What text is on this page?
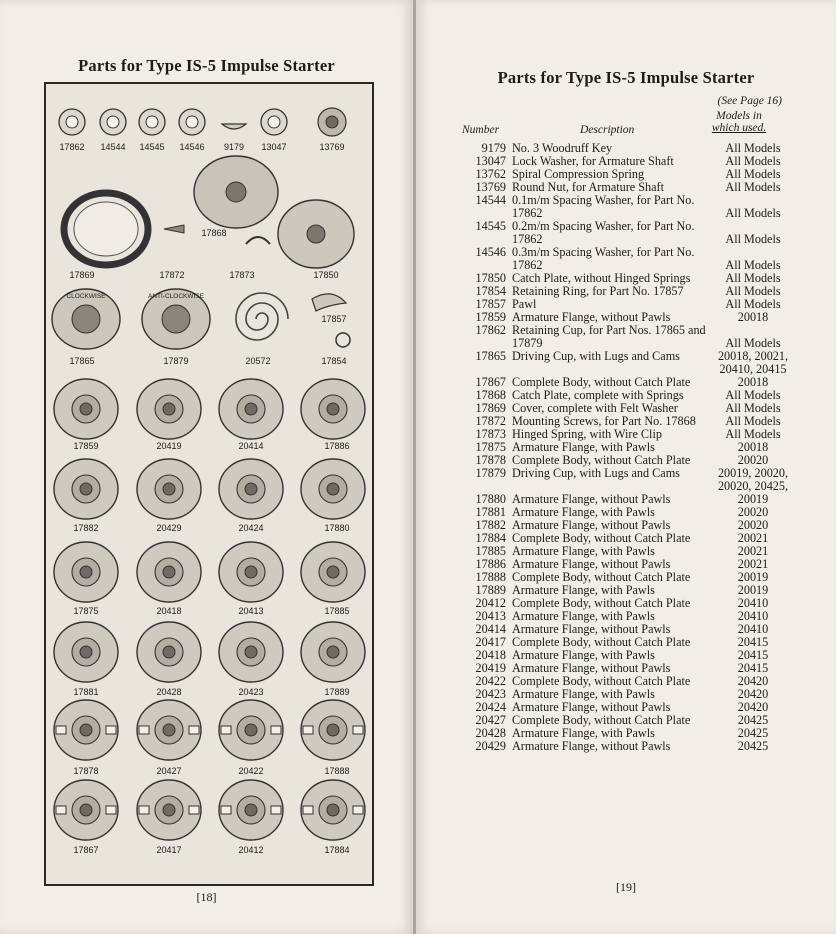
Parts for Type IS-5 Impulse Starter
17862 14544 14545 14546 9179 13047	13769
17868
17869	17872	17873	17850
CLOCKWISE	ANTI-CLOCKWISE
17857
17865	17879	20572	17854
17859	20419	20414	17886
17882	20429	20424	17880
17875	20418	20413	17885
17881	20428	20423	17889
17878	20427	20422	17888
17867	20417	20412	17884
[18]
Parts for Type IS-5 Impulse Starter
(See Page 16)
Number	Description
Models in
which used.
9179 No. 3 Woodruff Key	All Models
13047 Lock Washer, for Armature Shaft	All Models
13762 Spiral Compression Spring	All Models
13769 Round Nut, for Armature Shaft	All Models
14544 0.1m/m Spacing Washer, for Part No. 17862	All Models
14545 0.2m/m Spacing Washer, for Part No. 17862	All Models
14546 0.3m/m Spacing Washer, for Part No. 17862	All Models
17850 Catch Plate, without Hinged Springs	All Models
17854 Retaining Ring, for Part No. 17857	All Models
17857 Pawl	All Models
17859 Armature Flange, without Pawls	20018
17862 Retaining Cup, for Part Nos. 17865 and 17879	All Models
17865 Driving Cup, with Lugs and Cams	20018, 20021, 20410, 20415
17867 Complete Body, without Catch Plate	20018
17868 Catch Plate, complete with Springs	All Models
17869 Cover, complete with Felt Washer	All Models
17872 Mounting Screws, for Part No. 17868	All Models
17873 Hinged Spring, with Wire Clip	All Models
17875 Armature Flange, with Pawls	20018
17878 Complete Body, without Catch Plate	20020
17879 Driving Cup, with Lugs and Cams	20019, 20020, 20020, 20425,
17880 Armature Flange, without Pawls	20019
17881 Armature Flange, with Pawls	20020
17882 Armature Flange, without Pawls	20020
17884 Complete Body, without Catch Plate	20021
17885 Armature Flange, with Pawls	20021
17886 Armature Flange, without Pawls	20021
17888 Complete Body, without Catch Plate	20019
17889 Armature Flange, with Pawls	20019
20412 Complete Body, without Catch Plate	20410
20413 Armature Flange, with Pawls	20410
20414 Armature Flange, without Pawls	20410
20417 Complete Body, without Catch Plate	20415
20418 Armature Flange, with Pawls	20415
20419 Armature Flange, without Pawls	20415
20422 Complete Body, without Catch Plate	20420
20423 Armature Flange, with Pawls	20420
20424 Armature Flange, without Pawls	20420
20427 Complete Body, without Catch Plate	20425
20428 Armature Flange, with Pawls	20425
20429 Armature Flange, without Pawls	20425
[19]
